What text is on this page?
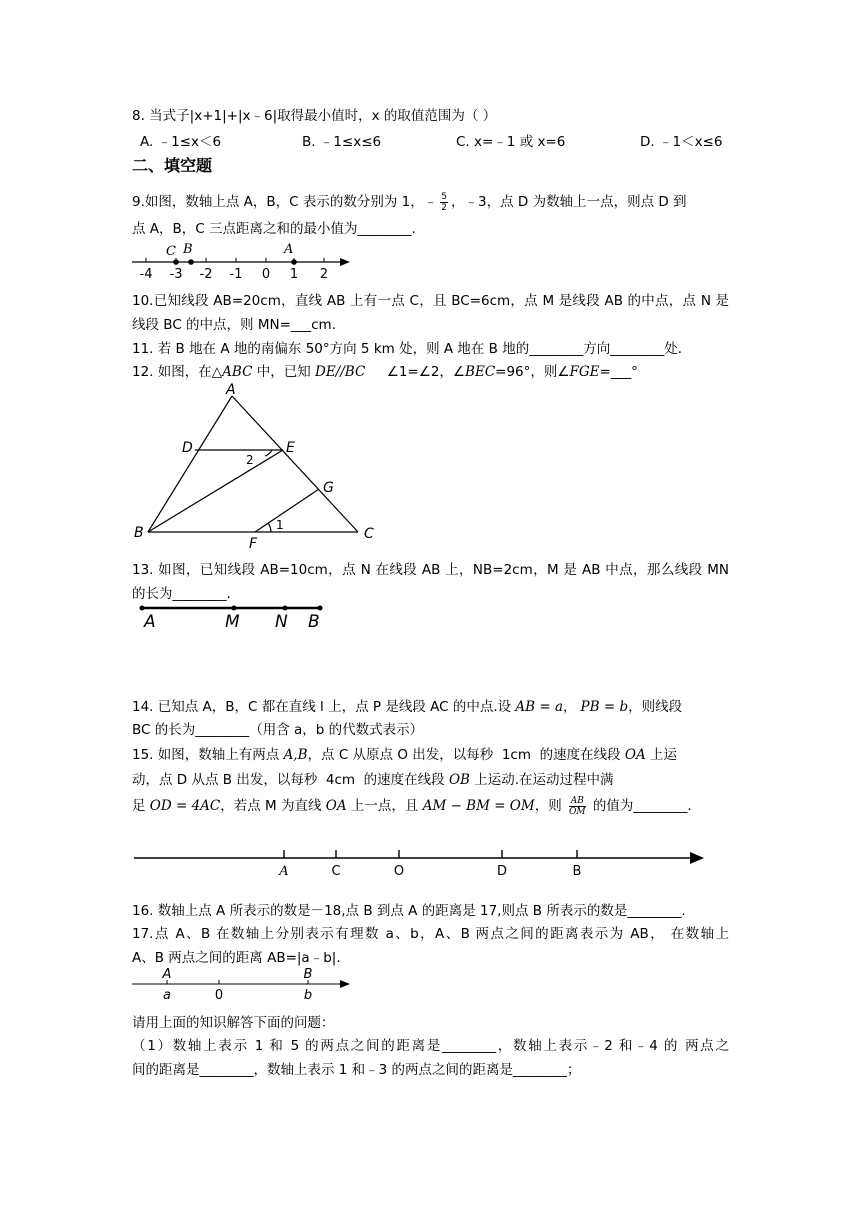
8. 当式子|x+1|+|x﹣6|取得最小值时，x 的取值范围为（ ）
A. ﹣1≤x＜6	B. ﹣1≤x≤6	C. x=﹣1 或 x=6	D. ﹣1＜x≤6
二、填空题
9.如图，数轴上点 A，B，C 表示的数分别为 1，﹣ $\frac{5}{2}$ ，﹣3，点 D 为数轴上一点，则点 D 到
点 A，B，C 三点距离之和的最小值为________.
C B	A
-4 -3 -2 -1 0 1 2
10.已知线段 AB=20cm，直线 AB 上有一点 C，且 BC=6cm，点 M 是线段 AB 的中点，点 N 是
线段 BC 的中点，则 MN=___cm.
11. 若 B 地在 A 地的南偏东 50°方向 5 km 处，则 A 地在 B 地的________方向________处.
12. 如图，在△ABC 中，已知 DE//BC     ∠1=∠2，∠BEC=96°，则∠FGE=___°
A
D	E
G
B
F
C
2
1
13. 如图，已知线段 AB=10cm，点 N 在线段 AB 上，NB=2cm，M 是 AB 中点，那么线段 MN
的长为________.
A	M N B
14. 已知点 A，B，C 都在直线 l 上，点 P 是线段 AC 的中点.设 AB = a， PB = b，则线段
BC 的长为________（用含 a，b 的代数式表示）
15. 如图，数轴上有两点 A,B，点 C 从原点 O 出发，以每秒  1cm  的速度在线段 OA 上运
动，点 D 从点 B 出发，以每秒  4cm  的速度在线段 OB 上运动.在运动过程中满
足 OD = 4AC，若点 M 为直线 OA 上一点，且 AM − BM = OM，则 $\frac{AB}{OM}$ 的值为________.
A	C	O	D	B
16. 数轴上点 A 所表示的数是－18,点 B 到点 A 的距离是 17,则点 B 所表示的数是________.
17.点 A、B 在数轴上分别表示有理数 a、b，A、B 两点之间的距离表示为 AB， 在数轴上
A、B 两点之间的距离 AB=|a﹣b|.
A	B
a	b
0
请用上面的知识解答下面的问题：
（1）数轴上表示 1 和 5 的两点之间的距离是________，数轴上表示﹣2 和﹣4 的 两点之
间的距离是________，数轴上表示 1 和﹣3 的两点之间的距离是________；
